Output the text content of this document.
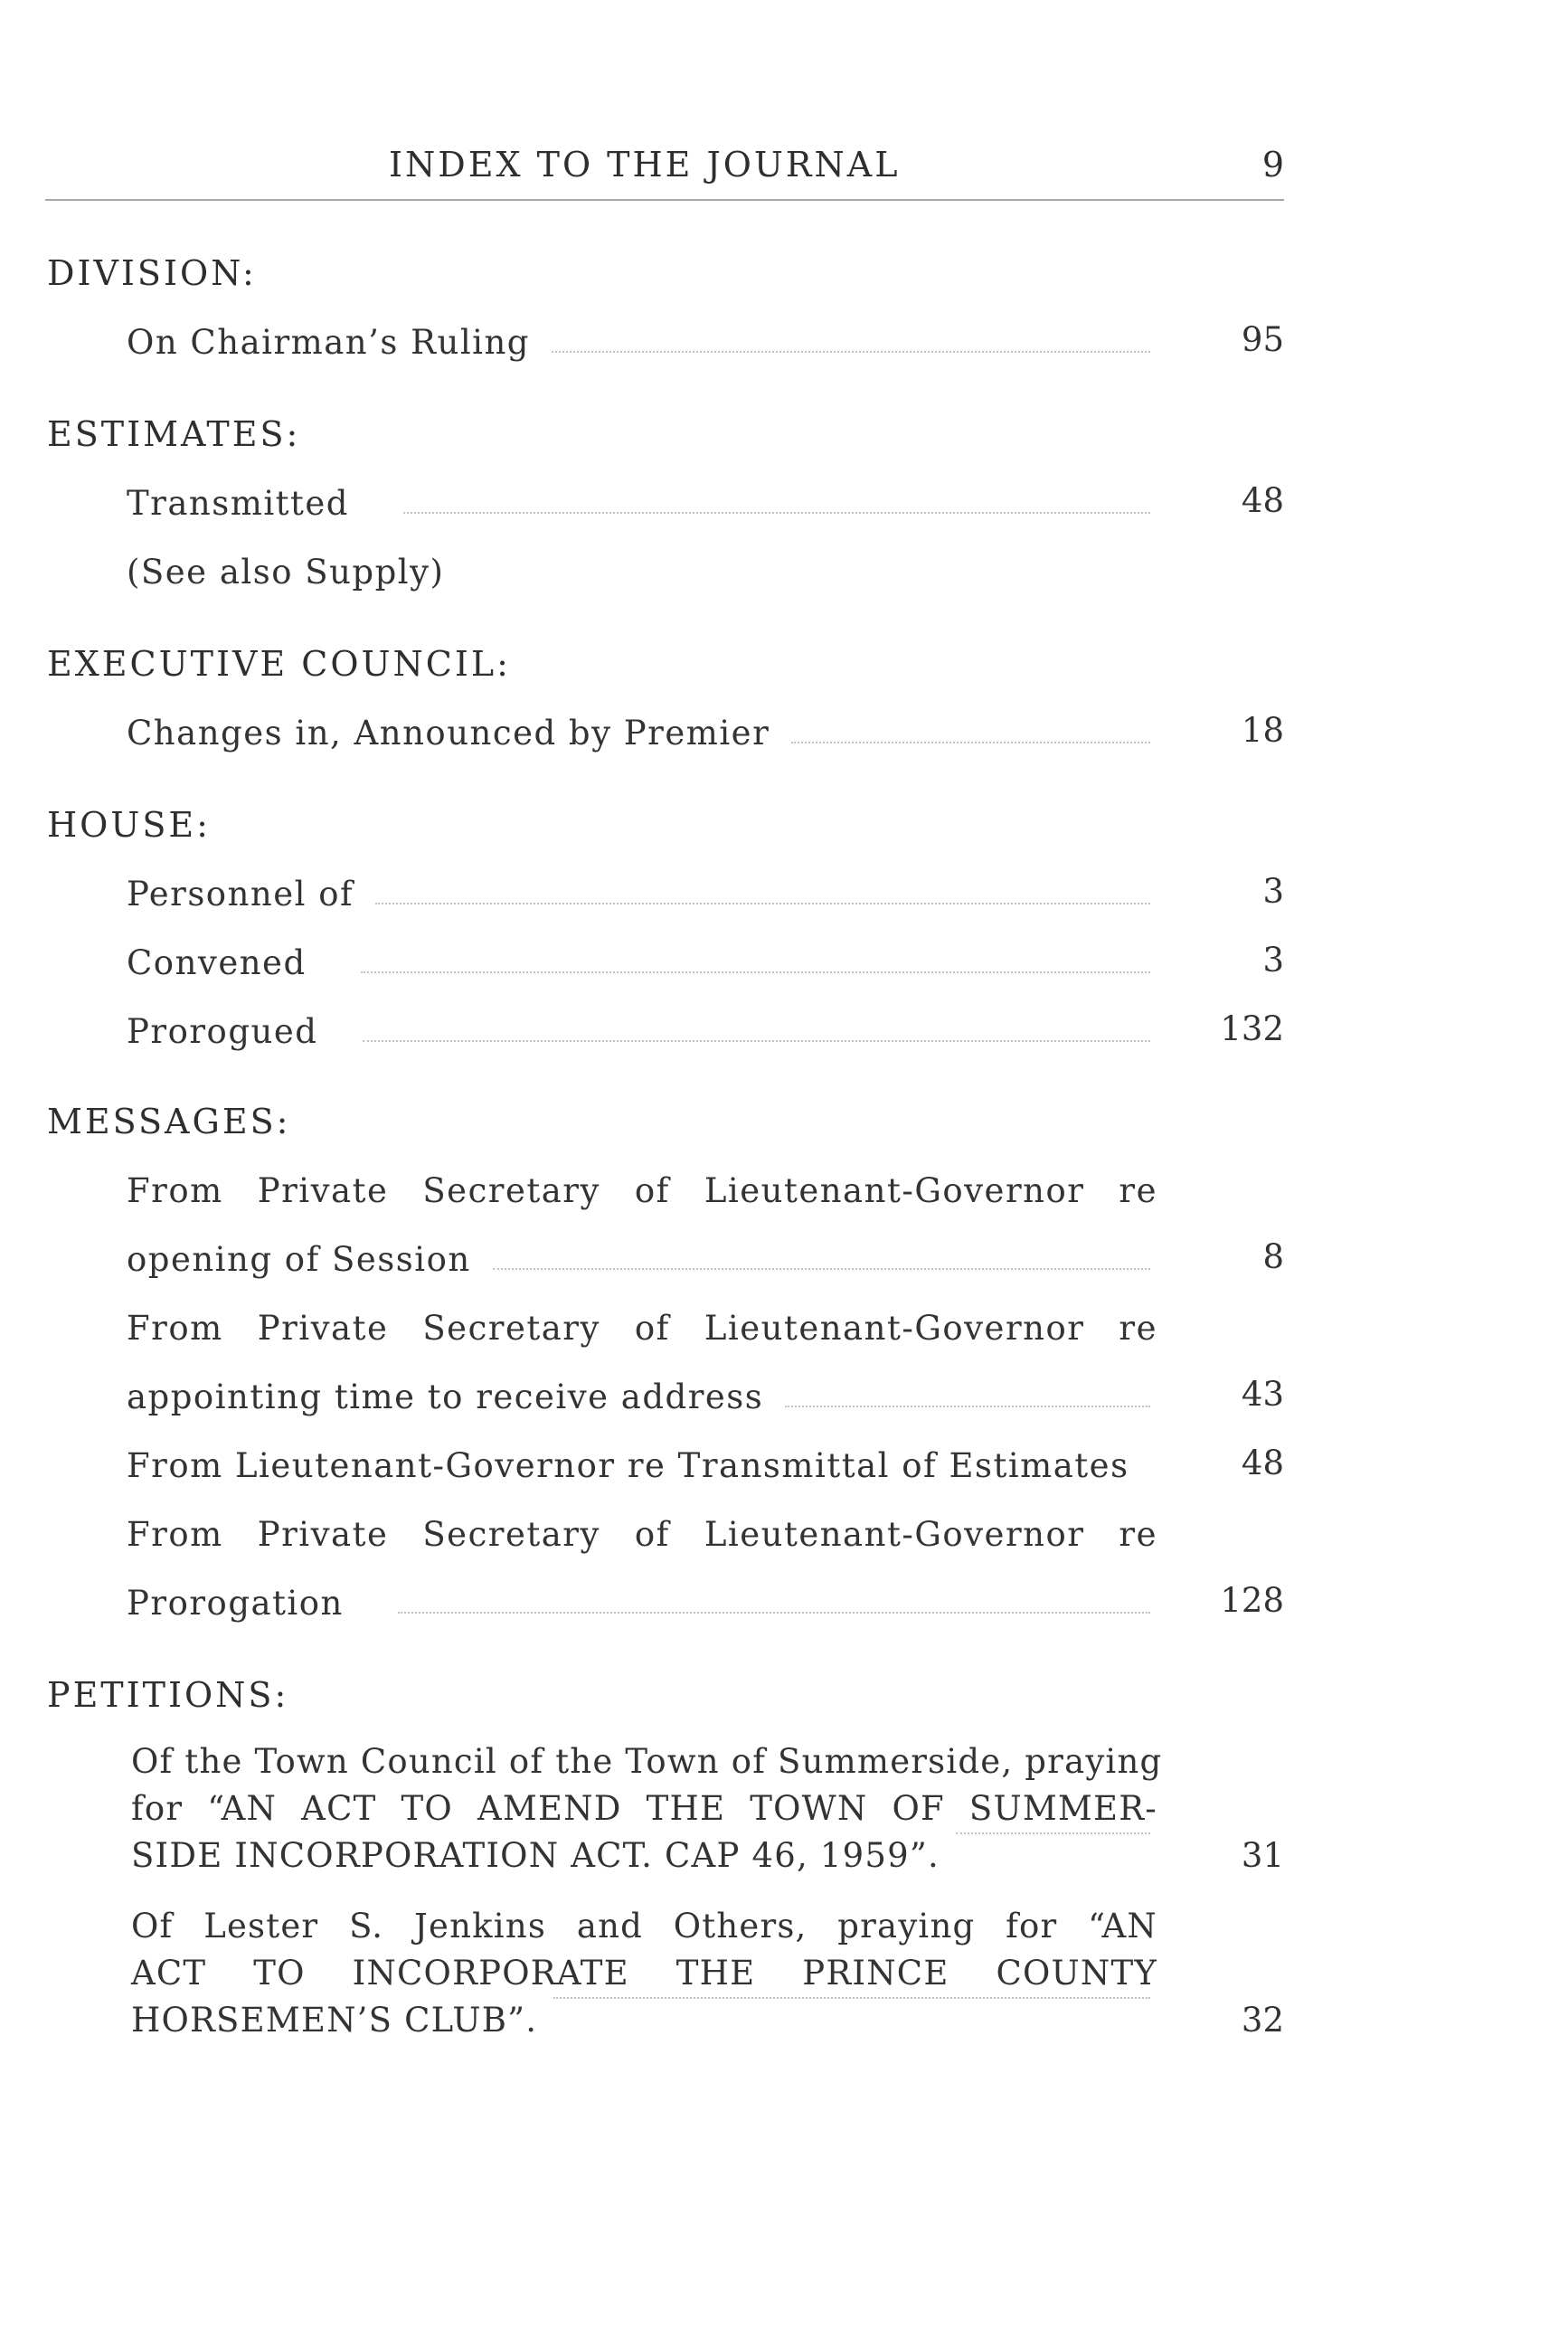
INDEX TO THE JOURNAL	9
DIVISION:
On Chairman’s Ruling	95
ESTIMATES:
Transmitted	48
(See also Supply)
EXECUTIVE COUNCIL:
Changes in, Announced by Premier	18
HOUSE:
Personnel of	3
Convened	3
Prorogued	132
MESSAGES:
From Private Secretary of Lieutenant-Governor re
opening of Session	8
From Private Secretary of Lieutenant-Governor re
appointing time to receive address	43
From Lieutenant-Governor re Transmittal of Estimates	48
From Private Secretary of Lieutenant-Governor re
Prorogation	128
PETITIONS:
Of the Town Council of the Town of Summerside, praying
for “AN ACT TO AMEND THE TOWN OF SUMMER-
SIDE INCORPORATION ACT. CAP 46, 1959”.	31
Of Lester S. Jenkins and Others, praying for “AN
ACT TO INCORPORATE THE PRINCE COUNTY
HORSEMEN’S CLUB”.	32
